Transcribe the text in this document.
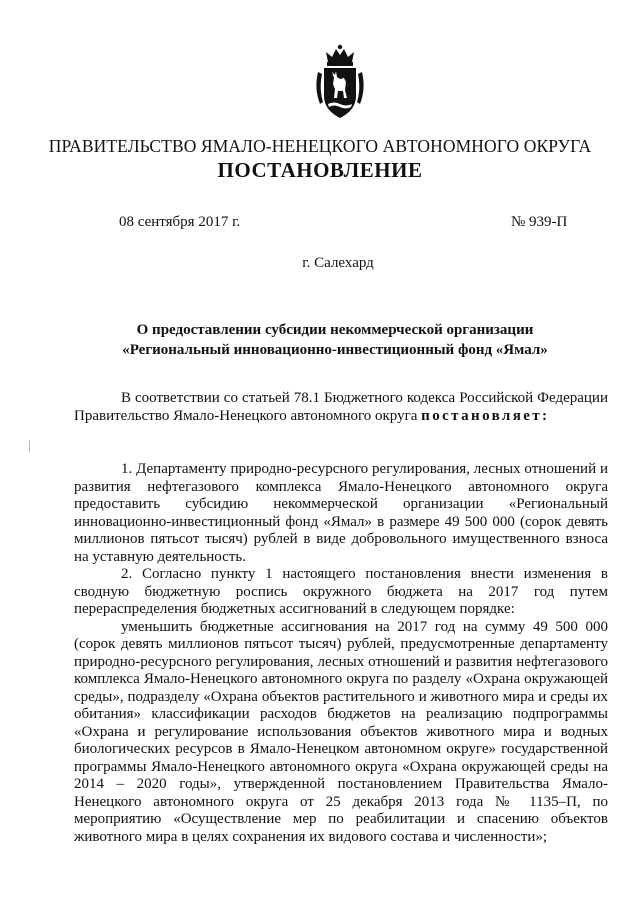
ПРАВИТЕЛЬСТВО ЯМАЛО-НЕНЕЦКОГО АВТОНОМНОГО ОКРУГА
ПОСТАНОВЛЕНИЕ
08 сентября 2017 г.	№ 939-П
г. Салехард
О предоставлении субсидии некоммерческой организации
«Региональный инновационно-инвестиционный фонд «Ямал»

В соответствии со статьей 78.1 Бюджетного кодекса Российской Федерации Правительство Ямало-Ненецкого автономного округа постановляет:

1. Департаменту природно-ресурсного регулирования, лесных отношений и развития нефтегазового комплекса Ямало-Ненецкого автономного округа предоставить субсидию некоммерческой организации «Региональный инновационно-инвестиционный фонд «Ямал» в размере 49 500 000 (сорок девять миллионов пятьсот тысяч) рублей в виде добровольного имущественного взноса на уставную деятельность.

2. Согласно пункту 1 настоящего постановления внести изменения в сводную бюджетную роспись окружного бюджета на 2017 год путем перераспределения бюджетных ассигнований в следующем порядке:

уменьшить бюджетные ассигнования на 2017 год на сумму 49 500 000 (сорок девять миллионов пятьсот тысяч) рублей, предусмотренные департаменту природно-ресурсного регулирования, лесных отношений и развития нефтегазового комплекса Ямало-Ненецкого автономного округа по разделу «Охрана окружающей среды», подразделу «Охрана объектов растительного и животного мира и среды их обитания» классификации расходов бюджетов на реализацию подпрограммы «Охрана и регулирование использования объектов животного мира и водных биологических ресурсов в Ямало-Ненецком автономном округе» государственной программы Ямало-Ненецкого автономного округа «Охрана окружающей среды на 2014 – 2020 годы», утвержденной постановлением Правительства Ямало-Ненецкого автономного округа от 25 декабря 2013 года № 1135–П, по мероприятию «Осуществление мер по реабилитации и спасению объектов животного мира в целях сохранения их видового состава и численности»;
